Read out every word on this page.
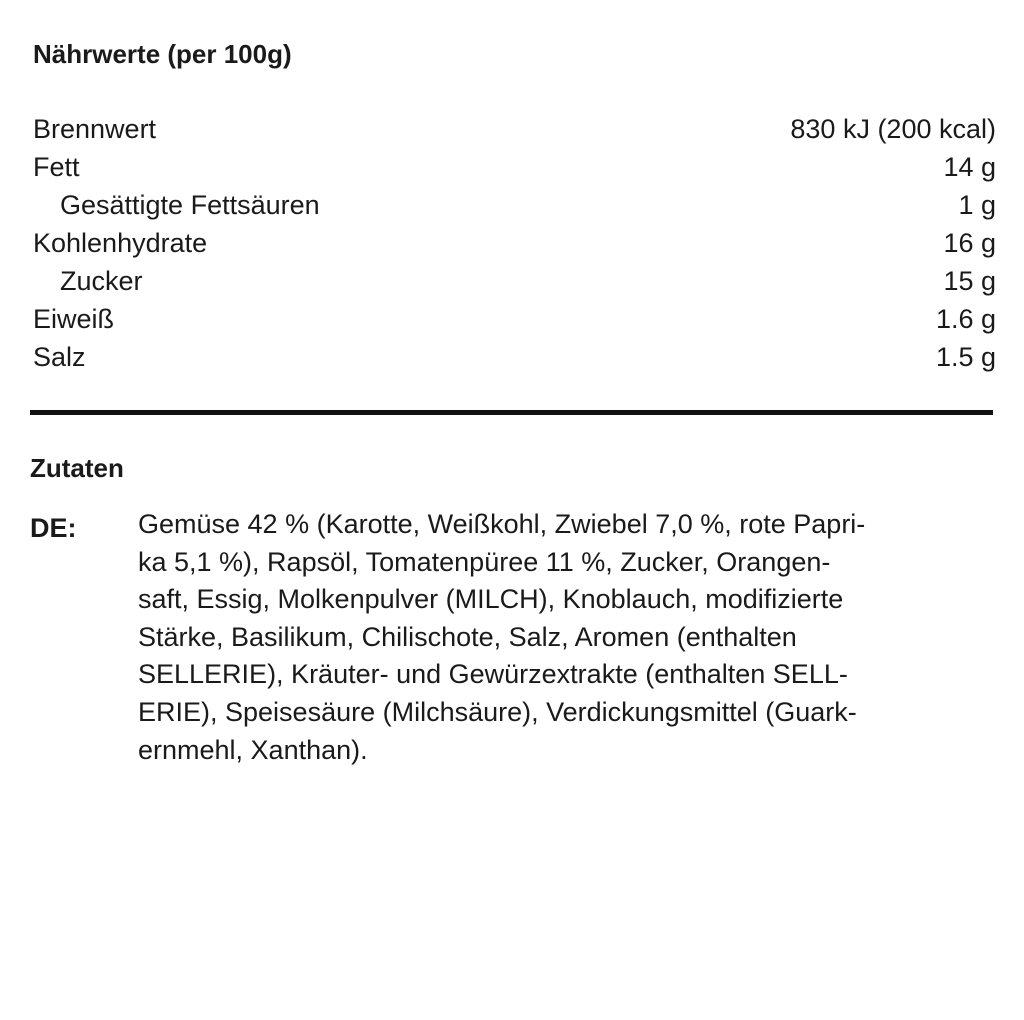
Nährwerte (per 100g)
Brennwert	830 kJ (200 kcal)
Fett	14 g
Gesättigte Fettsäuren	1 g
Kohlenhydrate	16 g
Zucker	15 g
Eiweiß	1.6 g
Salz	1.5 g
Zutaten
DE: Gemüse 42 % (Karotte, Weißkohl, Zwiebel 7,0 %, rote Papri-
ka 5,1 %), Rapsöl, Tomatenpüree 11 %, Zucker, Orangen-
saft, Essig, Molkenpulver (MILCH), Knoblauch, modifizierte
Stärke, Basilikum, Chilischote, Salz, Aromen (enthalten
SELLERIE), Kräuter- und Gewürzextrakte (enthalten SELL-
ERIE), Speisesäure (Milchsäure), Verdickungsmittel (Guark-
ernmehl, Xanthan).
